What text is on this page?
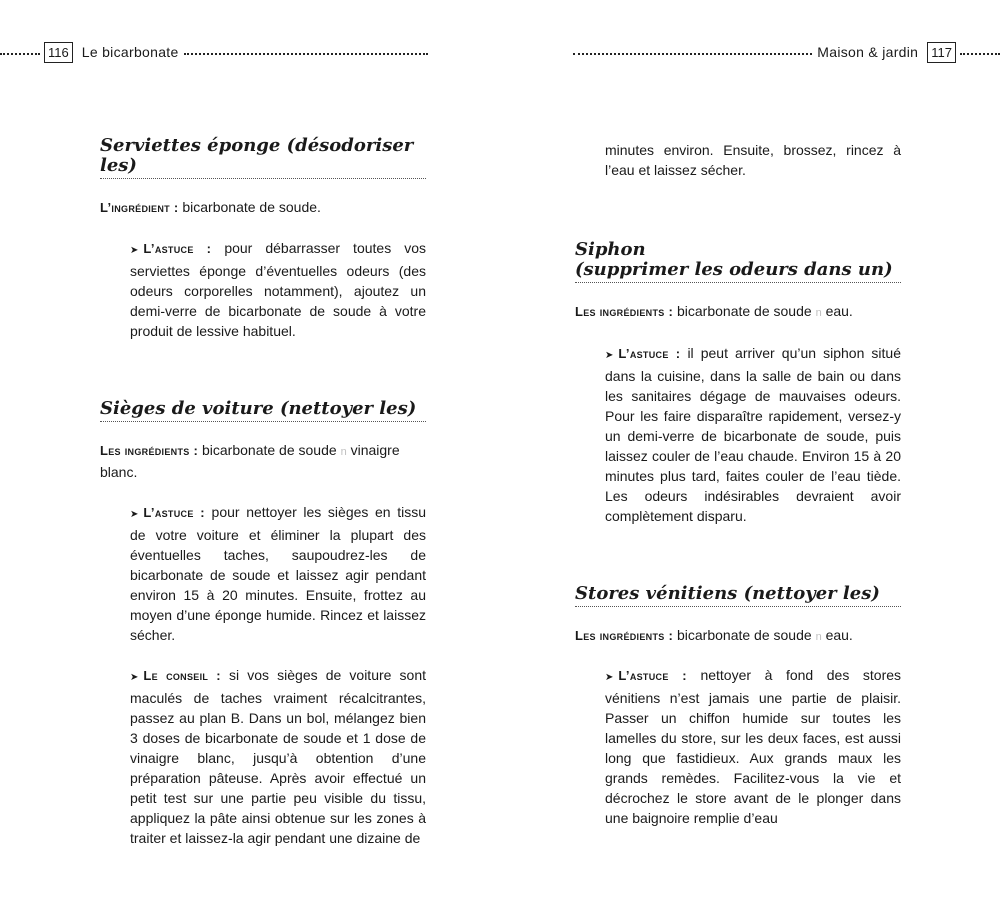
116 Le bicarbonate
Serviettes éponge (désodoriser les)

L’ingrédient : bicarbonate de soude.

➤ L’astuce : pour débarrasser toutes vos serviettes éponge d’éventuelles odeurs (des odeurs corporelles notamment), ajoutez un demi-verre de bicarbonate de soude à votre produit de lessive habituel.

Sièges de voiture (nettoyer les)

Les ingrédients : bicarbonate de soude n vinaigre blanc.

➤ L’astuce : pour nettoyer les sièges en tissu de votre voiture et éliminer la plupart des éventuelles taches, saupoudrez-les de bicarbonate de soude et laissez agir pendant environ 15 à 20 minutes. Ensuite, frottez au moyen d’une éponge humide. Rincez et laissez sécher.

➤ Le conseil : si vos sièges de voiture sont maculés de taches vraiment récalcitrantes, passez au plan B. Dans un bol, mélangez bien 3 doses de bicarbonate de soude et 1 dose de vinaigre blanc, jusqu’à obtention d’une préparation pâteuse. Après avoir effectué un petit test sur une partie peu visible du tissu, appliquez la pâte ainsi obtenue sur les zones à traiter et laissez-la agir pendant une dizaine de

Maison & jardin	117

minutes environ. Ensuite, brossez, rincez à l’eau et laissez sécher.

Siphon
(supprimer les odeurs dans un)

Les ingrédients : bicarbonate de soude n eau.

➤ L’astuce : il peut arriver qu’un siphon situé dans la cuisine, dans la salle de bain ou dans les sanitaires dégage de mauvaises odeurs. Pour les faire disparaître rapidement, versez-y un demi-verre de bicarbonate de soude, puis laissez couler de l’eau chaude. Environ 15 à 20 minutes plus tard, faites couler de l’eau tiède. Les odeurs indésirables devraient avoir complètement disparu.

Stores vénitiens (nettoyer les)

Les ingrédients : bicarbonate de soude n eau.

➤ L’astuce : nettoyer à fond des stores vénitiens n’est jamais une partie de plaisir. Passer un chiffon humide sur toutes les lamelles du store, sur les deux faces, est aussi long que fastidieux. Aux grands maux les grands remèdes. Facilitez-vous la vie et décrochez le store avant de le plonger dans une baignoire remplie d’eau
